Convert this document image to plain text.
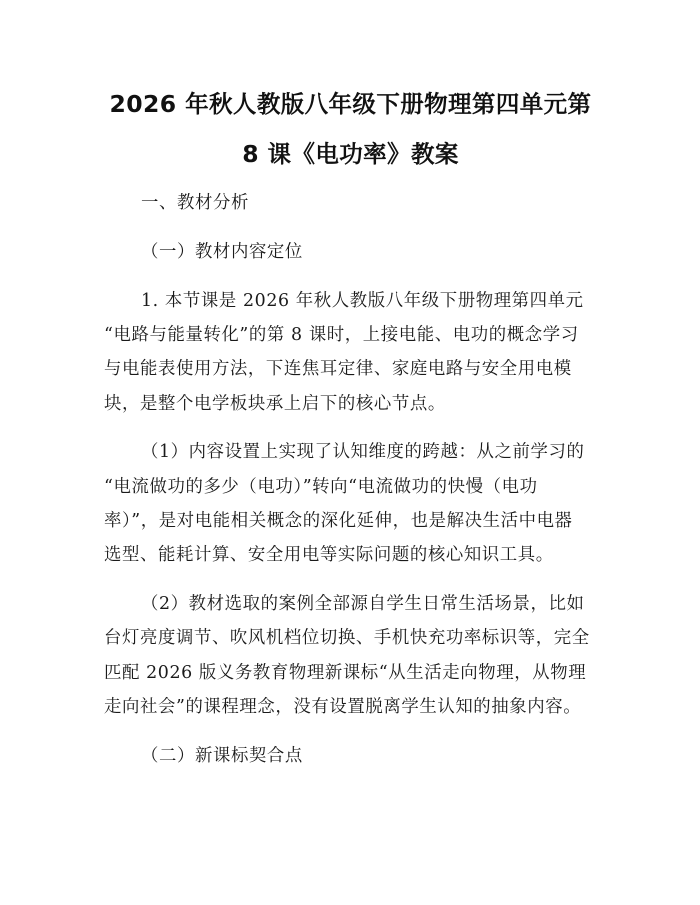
2026 年秋人教版八年级下册物理第四单元第
8 课《电功率》教案
一、教材分析
（一）教材内容定位
1. 本节课是 2026 年秋人教版八年级下册物理第四单元
“电路与能量转化”的第 8 课时，上接电能、电功的概念学习
与电能表使用方法，下连焦耳定律、家庭电路与安全用电模
块，是整个电学板块承上启下的核心节点。
（1）内容设置上实现了认知维度的跨越：从之前学习的
“电流做功的多少（电功）”转向“电流做功的快慢（电功
率）”，是对电能相关概念的深化延伸，也是解决生活中电器
选型、能耗计算、安全用电等实际问题的核心知识工具。
（2）教材选取的案例全部源自学生日常生活场景，比如
台灯亮度调节、吹风机档位切换、手机快充功率标识等，完全
匹配 2026 版义务教育物理新课标“从生活走向物理，从物理
走向社会”的课程理念，没有设置脱离学生认知的抽象内容。
（二）新课标契合点
